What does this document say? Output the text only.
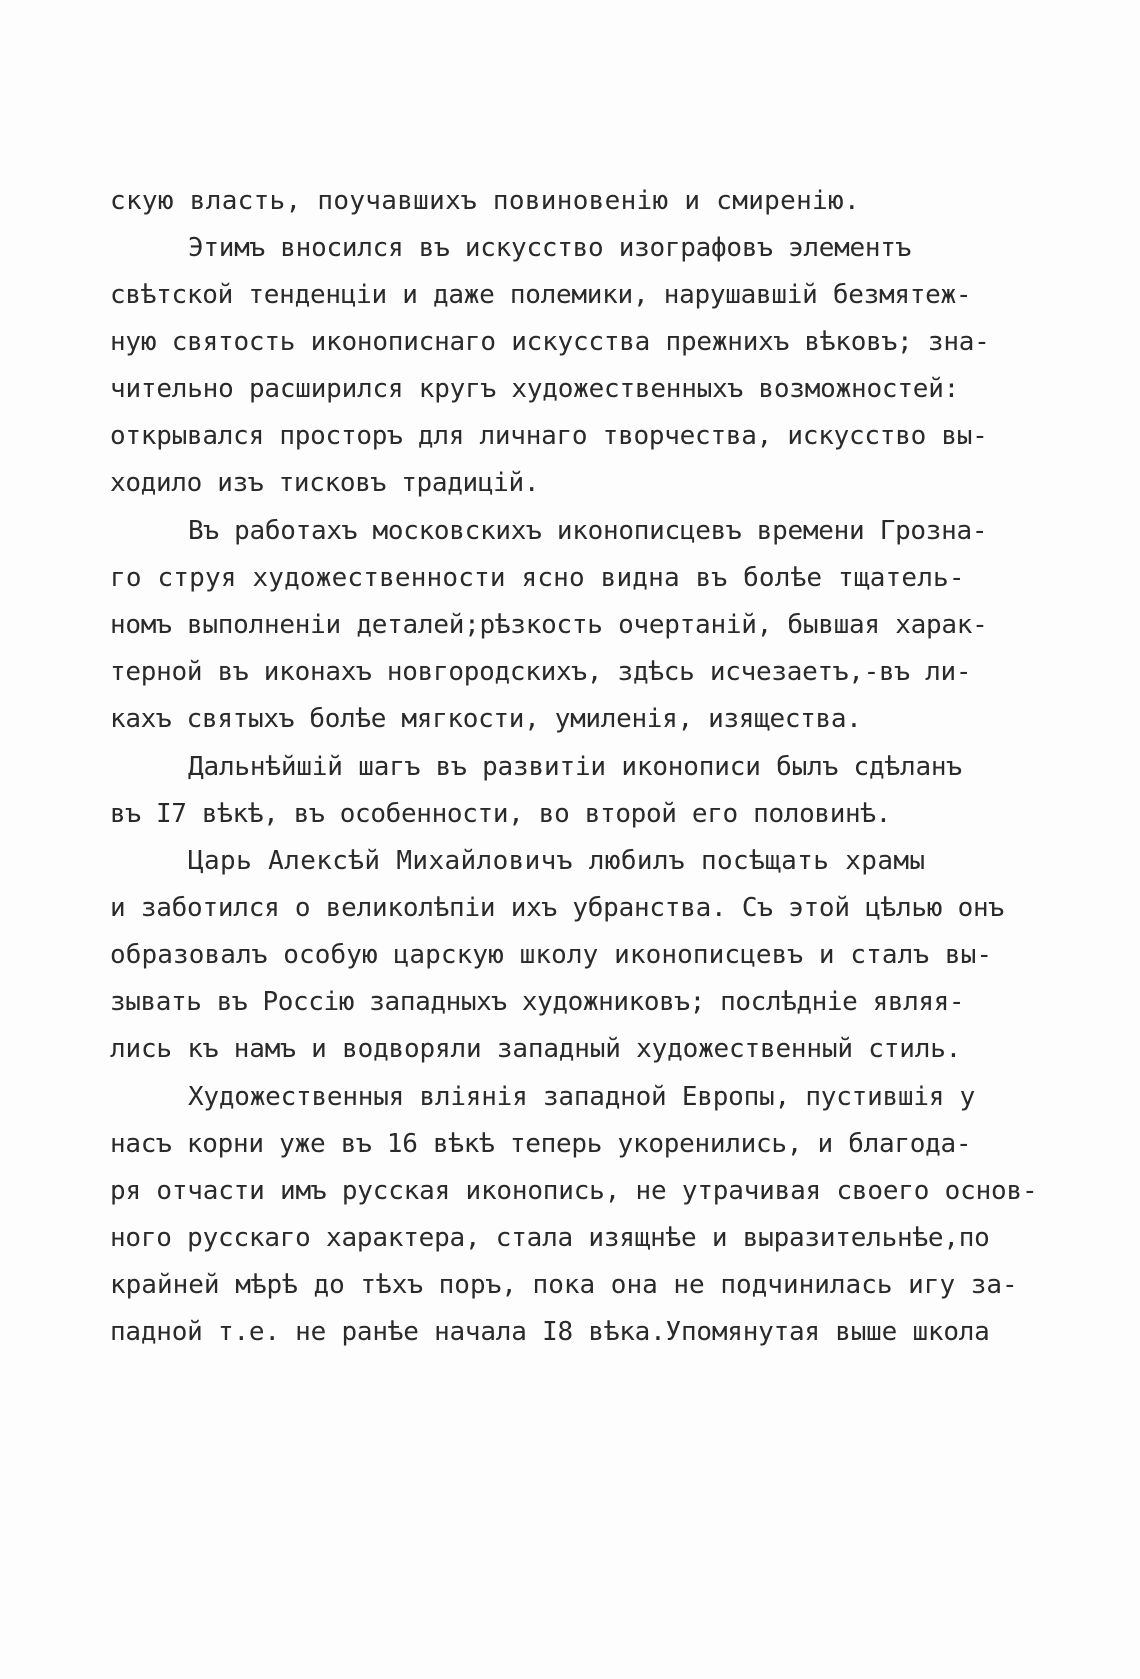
скую власть, поучавшихъ повиновенiю и смиренiю.
Этимъ вносился въ искусство изографовъ элементъ
свѣтской тенденцiи и даже полемики, нарушавшiй безмятеж-
ную святость иконописнаго искусства прежнихъ вѣковъ; зна-
чительно расширился кругъ художественныхъ возможностей:
открывался просторъ для личнаго творчества, искусство вы-
ходило изъ тисковъ традицiй.
Въ работахъ московскихъ иконописцевъ времени Грозна-
го струя художественности ясно видна въ болѣе тщатель-
номъ выполненiи деталей;рѣзкость очертанiй, бывшая харак-
терной въ иконахъ новгородскихъ, здѣсь исчезаетъ,-въ ли-
кахъ святыхъ болѣе мягкости, умиленiя, изящества.
Дальнѣйшiй шагъ въ развитiи иконописи былъ сдѣланъ
въ I7 вѣкѣ, въ особенности, во второй его половинѣ.
Царь Алексѣй Михайловичъ любилъ посѣщать храмы
и заботился о великолѣпiи ихъ убранства. Съ этой цѣлью онъ
образовалъ особую царскую школу иконописцевъ и сталъ вы-
зывать въ Россiю западныхъ художниковъ; послѣднiе являя-
лись къ намъ и водворяли западный художественный стиль.
Художественныя влiянiя западной Европы, пустившiя у
насъ корни уже въ 16 вѣкѣ теперь укоренились, и благода-
ря отчасти имъ русская иконопись, не утрачивая своего основ-
ного русскаго характера, стала изящнѣе и выразительнѣе,по
крайней мѣрѣ до тѣхъ поръ, пока она не подчинилась игу за-
падной т.е. не ранѣе начала I8 вѣка.Упомянутая выше школа
